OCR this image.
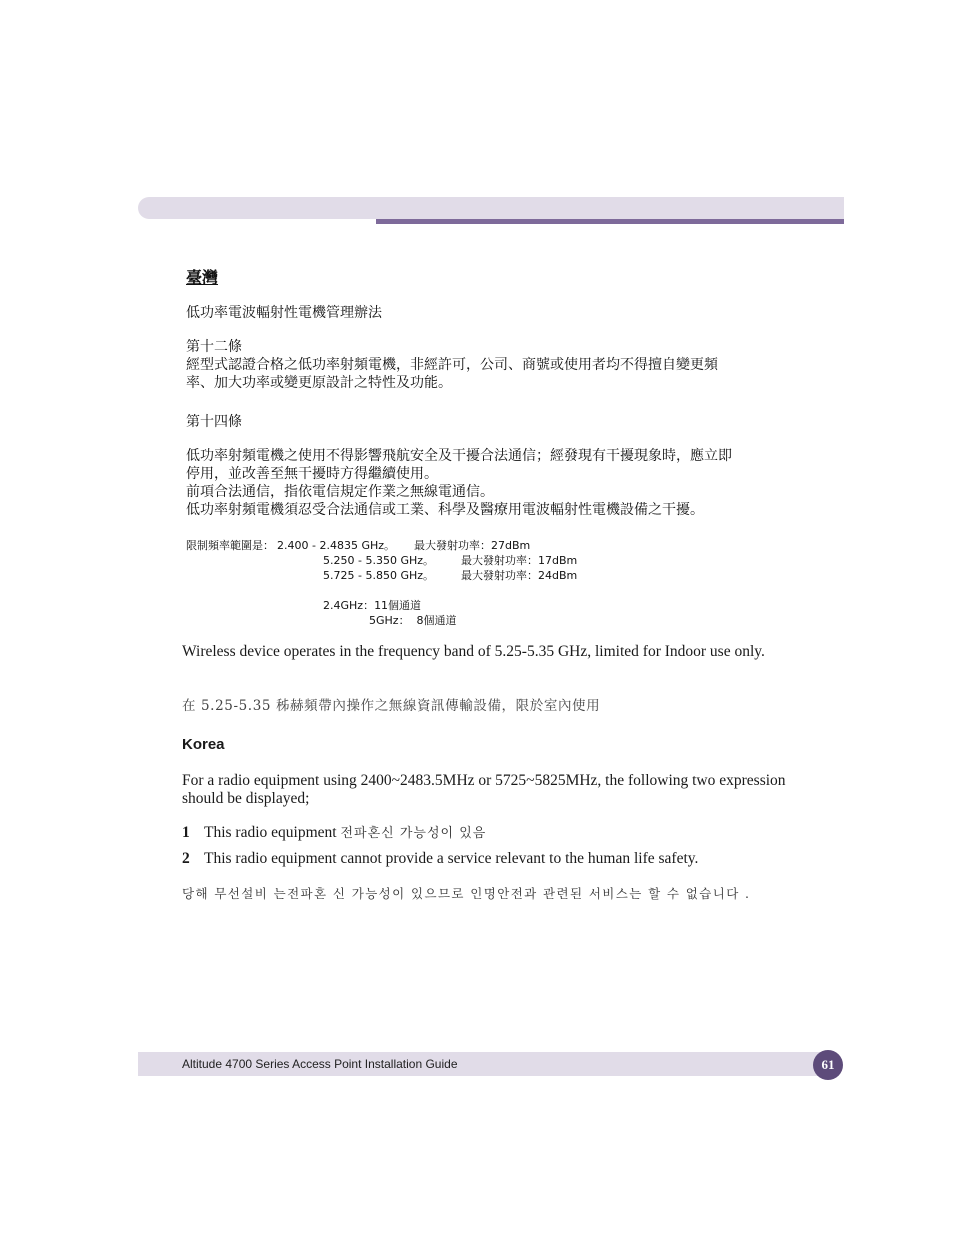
臺灣
低功率電波輻射性電機管理辦法
第十二條
經型式認證合格之低功率射頻電機，非經許可，公司、商號或使用者均不得擅自變更頻
率、加大功率或變更原設計之特性及功能。
第十四條
低功率射頻電機之使用不得影響飛航安全及干擾合法通信；經發現有干擾現象時，應立即
停用，並改善至無干擾時方得繼續使用。
前項合法通信，指依電信規定作業之無線電通信。
低功率射頻電機須忍受合法通信或工業、科學及醫療用電波輻射性電機設備之干擾。
限制頻率範圍是： 2.400 - 2.4835 GHz。 最大發射功率：27dBm
5.250 - 5.350 GHz。 最大發射功率：17dBm
5.725 - 5.850 GHz。 最大發射功率：24dBm
2.4GHz：11個通道
5GHz：  8個通道
Wireless device operates in the frequency band of 5.25-5.35 GHz, limited for Indoor use only.
在 5.25-5.35 秭赫頻帶內操作之無線資訊傳輸設備，限於室內使用
Korea
For a radio equipment using 2400~2483.5MHz or 5725~5825MHz, the following two expression should be displayed;
1 This radio equipment 전파혼신 가능성이 있음
2 This radio equipment cannot provide a service relevant to the human life safety.
당해 무선설비 는전파혼 신 가능성이 있으므로 인명안전과 관련된 서비스는 할 수 없습니다 .
Altitude 4700 Series Access Point Installation Guide	61
